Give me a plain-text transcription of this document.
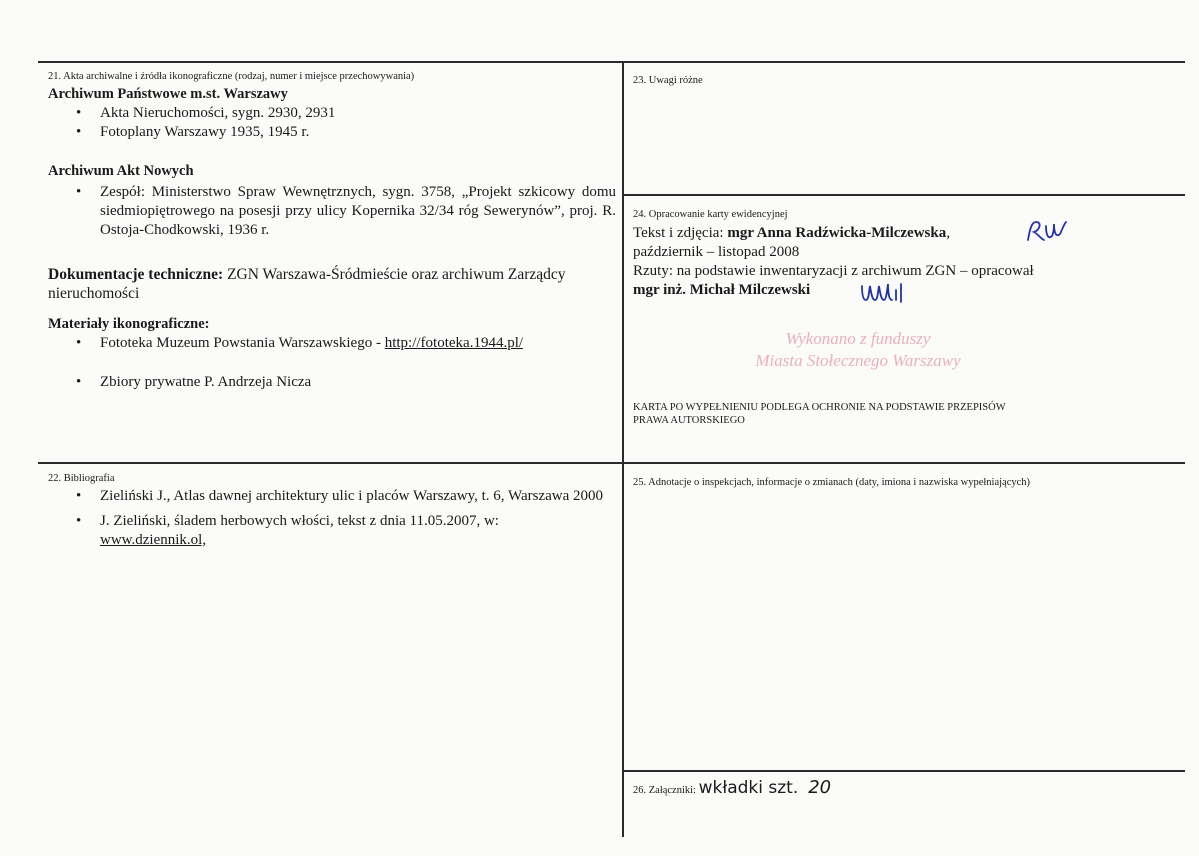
21. Akta archiwalne i źródła ikonograficzne (rodzaj, numer i miejsce przechowywania)
Archiwum Państwowe m.st. Warszawy
• Akta Nieruchomości, sygn. 2930, 2931
• Fotoplany Warszawy 1935, 1945 r.
Archiwum Akt Nowych
• Zespół: Ministerstwo Spraw Wewnętrznych, sygn. 3758, „Projekt szkicowy domu siedmiopiętrowego na posesji przy ulicy Kopernika 32/34 róg Sewerynów”, proj. R. Ostoja-Chodkowski, 1936 r.
Dokumentacje techniczne: ZGN Warszawa-Śródmieście oraz archiwum Zarządcy nieruchomości
Materiały ikonograficzne:
• Fototeka Muzeum Powstania Warszawskiego - http://fototeka.1944.pl/
• Zbiory prywatne P. Andrzeja Nicza
22. Bibliografia
• Zieliński J., Atlas dawnej architektury ulic i placów Warszawy, t. 6, Warszawa 2000
• J. Zieliński, śladem herbowych włości, tekst z dnia 11.05.2007, w: www.dziennik.ol,
23. Uwagi różne
24. Opracowanie karty ewidencyjnej
Tekst i zdjęcia: mgr Anna Radźwicka-Milczewska,
październik – listopad 2008
Rzuty: na podstawie inwentaryzacji z archiwum ZGN – opracował
mgr inż. Michał Milczewski
Wykonano z funduszy
Miasta Stołecznego Warszawy
KARTA PO WYPEŁNIENIU PODLEGA OCHRONIE NA PODSTAWIE PRZEPISÓW
PRAWA AUTORSKIEGO
25. Adnotacje o inspekcjach, informacje o zmianach (daty, imiona i nazwiska wypełniających)
26. Załączniki: wkładki szt. 20
